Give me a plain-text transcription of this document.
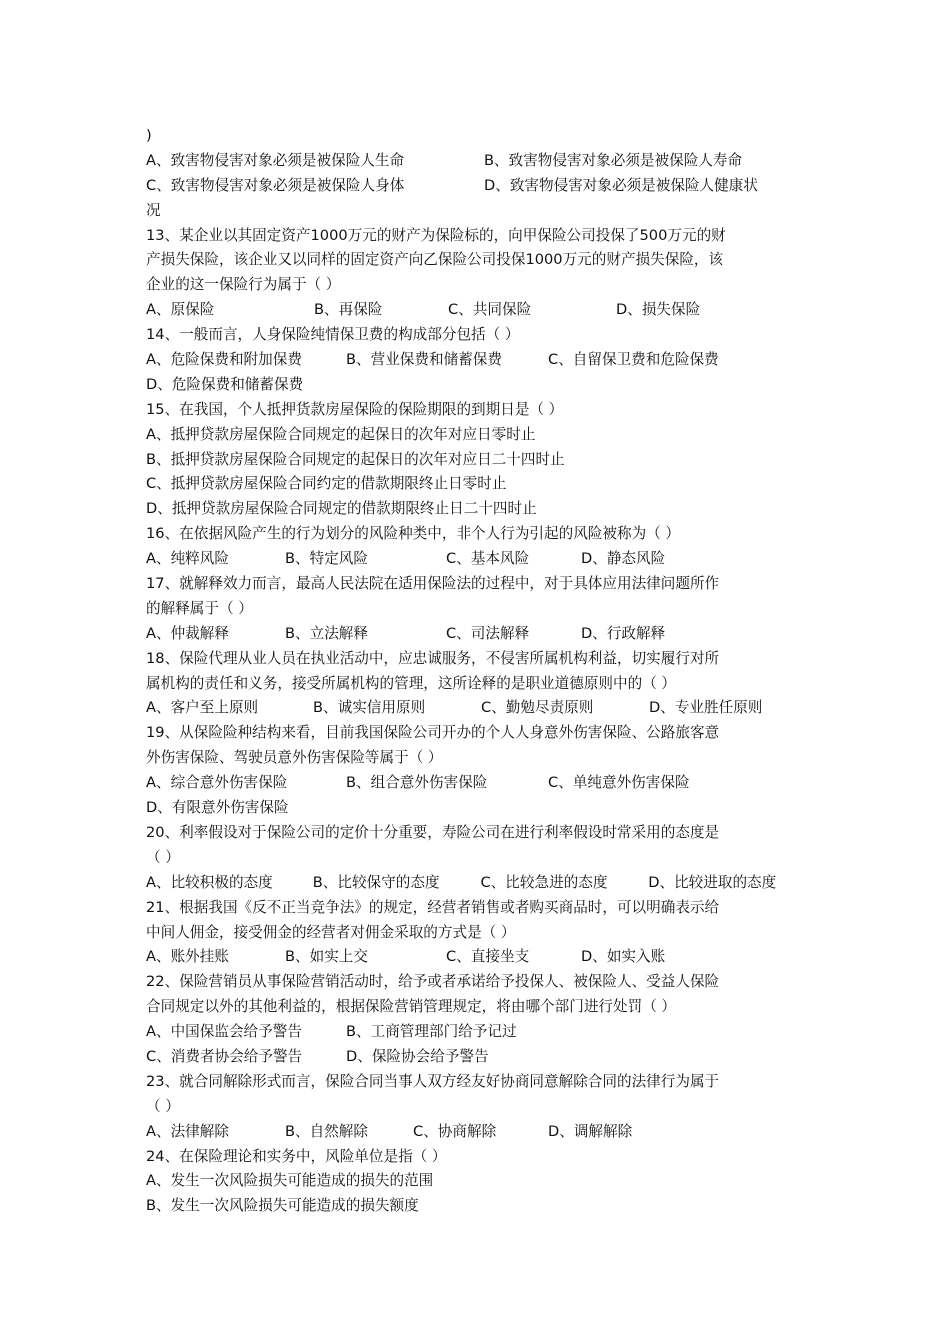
)
A、致害物侵害对象必须是被保险人生命	B、致害物侵害对象必须是被保险人寿命
C、致害物侵害对象必须是被保险人身体	D、致害物侵害对象必须是被保险人健康状
况
13、某企业以其固定资产1000万元的财产为保险标的，向甲保险公司投保了500万元的财
产损失保险，该企业又以同样的固定资产向乙保险公司投保1000万元的财产损失保险，该
企业的这一保险行为属于（ ）
A、原保险	B、再保险	C、共同保险	D、损失保险
14、一般而言，人身保险纯情保卫费的构成部分包括（ ）
A、危险保费和附加保费	B、营业保费和储蓄保费	C、自留保卫费和危险保费
D、危险保费和储蓄保费
15、在我国，个人抵押货款房屋保险的保险期限的到期日是（ ）
A、抵押贷款房屋保险合同规定的起保日的次年对应日零时止
B、抵押贷款房屋保险合同规定的起保日的次年对应日二十四时止
C、抵押贷款房屋保险合同约定的借款期限终止日零时止
D、抵押贷款房屋保险合同规定的借款期限终止日二十四时止
16、在依据风险产生的行为划分的风险种类中，非个人行为引起的风险被称为（ ）
A、纯粹风险	B、特定风险	C、基本风险	D、静态风险
17、就解释效力而言，最高人民法院在适用保险法的过程中，对于具体应用法律问题所作
的解释属于（ ）
A、仲裁解释	B、立法解释	C、司法解释	D、行政解释
18、保险代理从业人员在执业活动中，应忠诚服务，不侵害所属机构利益，切实履行对所
属机构的责任和义务，接受所属机构的管理，这所诠释的是职业道德原则中的（ ）
A、客户至上原则	B、诚实信用原则	C、勤勉尽责原则	D、专业胜任原则
19、从保险险种结构来看，目前我国保险公司开办的个人人身意外伤害保险、公路旅客意
外伤害保险、驾驶员意外伤害保险等属于（ ）
A、综合意外伤害保险	B、组合意外伤害保险	C、单纯意外伤害保险
D、有限意外伤害保险
20、利率假设对于保险公司的定价十分重要，寿险公司在进行利率假设时常采用的态度是
（ ）
A、比较积极的态度	B、比较保守的态度	C、比较急进的态度	D、比较进取的态度
21、根据我国《反不正当竞争法》的规定，经营者销售或者购买商品时，可以明确表示给
中间人佣金，接受佣金的经营者对佣金采取的方式是（ ）
A、账外挂账	B、如实上交	C、直接坐支	D、如实入账
22、保险营销员从事保险营销活动时，给予或者承诺给予投保人、被保险人、受益人保险
合同规定以外的其他利益的，根据保险营销管理规定，将由哪个部门进行处罚（ ）
A、中国保监会给予警告	B、工商管理部门给予记过
C、消费者协会给予警告	D、保险协会给予警告
23、就合同解除形式而言，保险合同当事人双方经友好协商同意解除合同的法律行为属于
（ ）
A、法律解除	B、自然解除	C、协商解除	D、调解解除
24、在保险理论和实务中，风险单位是指（ ）
A、发生一次风险损失可能造成的损失的范围
B、发生一次风险损失可能造成的损失额度
